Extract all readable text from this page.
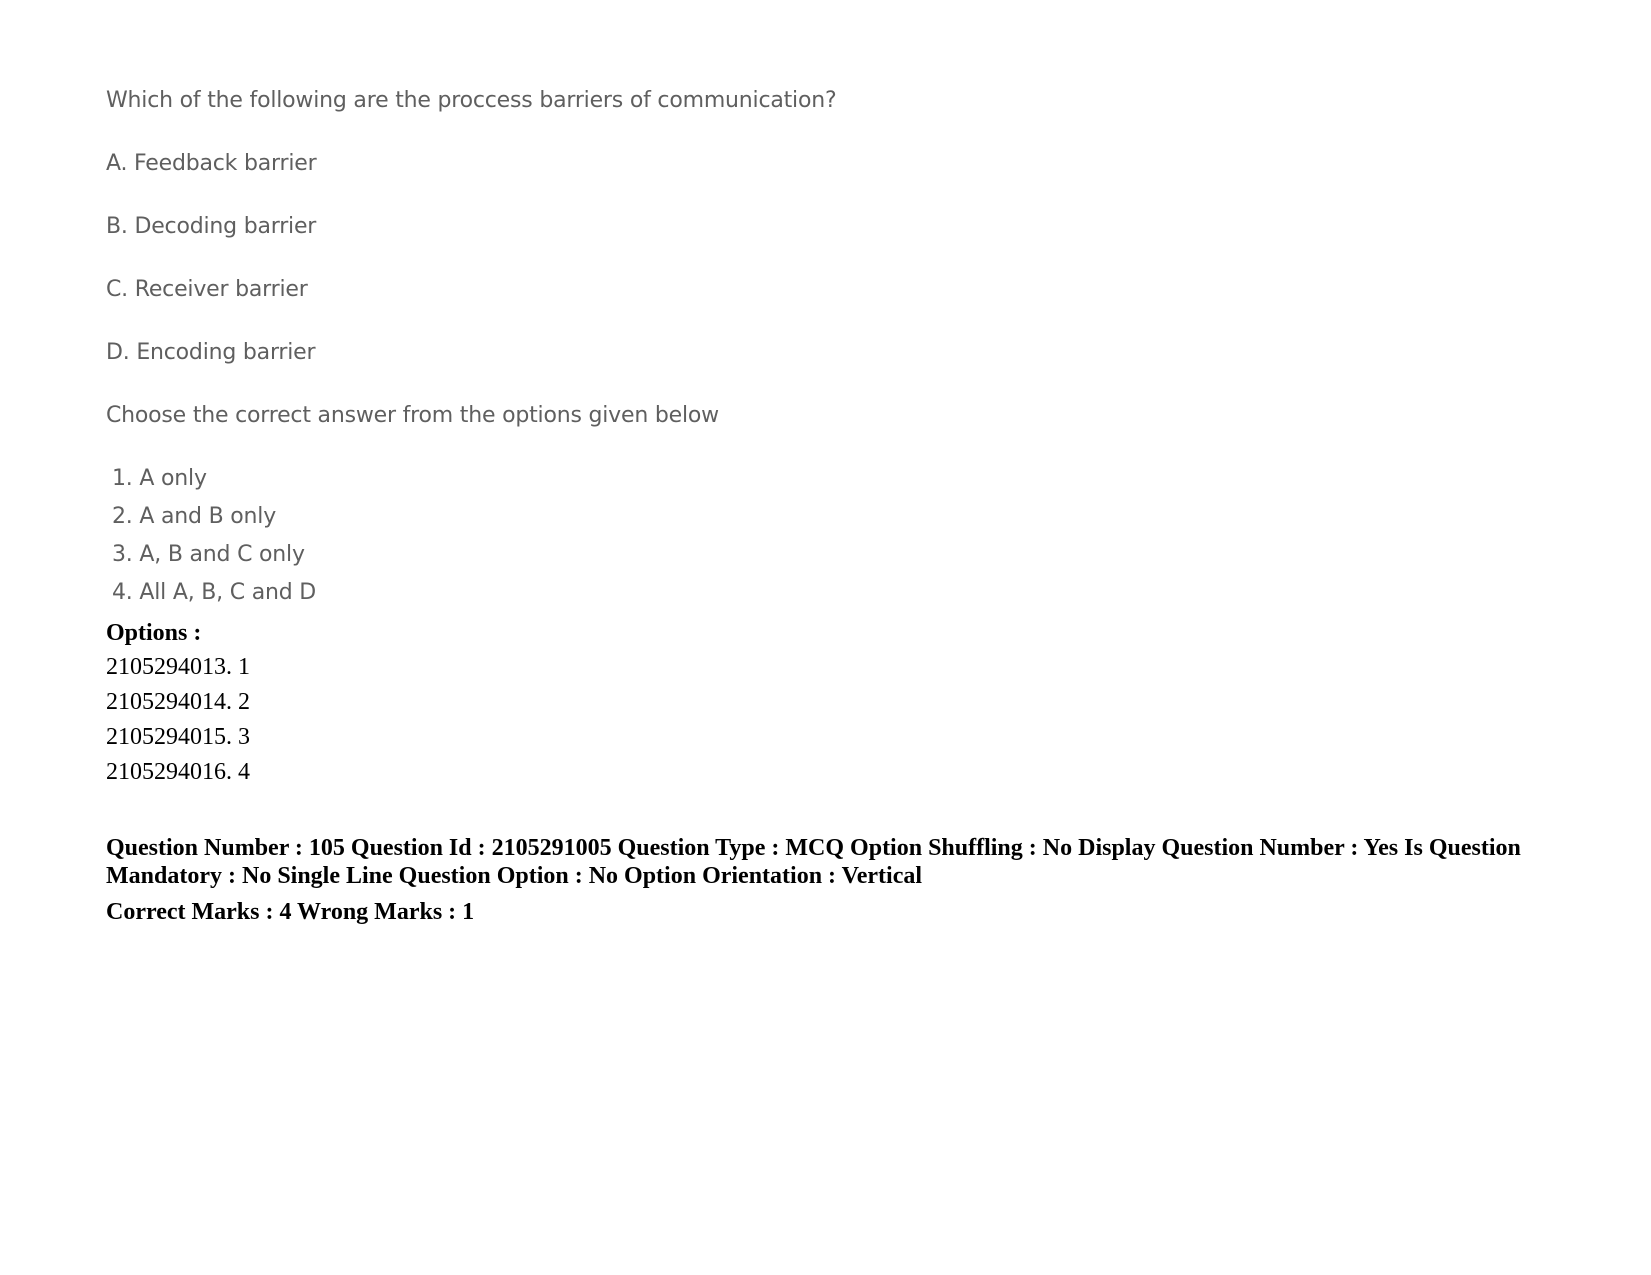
Which of the following are the proccess barriers of communication?
A. Feedback barrier
B. Decoding barrier
C. Receiver barrier
D. Encoding barrier
Choose the correct answer from the options given below
1. A only
2. A and B only
3. A, B and C only
4. All A, B, C and D
Options :
2105294013. 1
2105294014. 2
2105294015. 3
2105294016. 4
Question Number : 105 Question Id : 2105291005 Question Type : MCQ Option Shuffling : No Display Question Number : Yes Is Question Mandatory : No Single Line Question Option : No Option Orientation : Vertical
Correct Marks : 4 Wrong Marks : 1
